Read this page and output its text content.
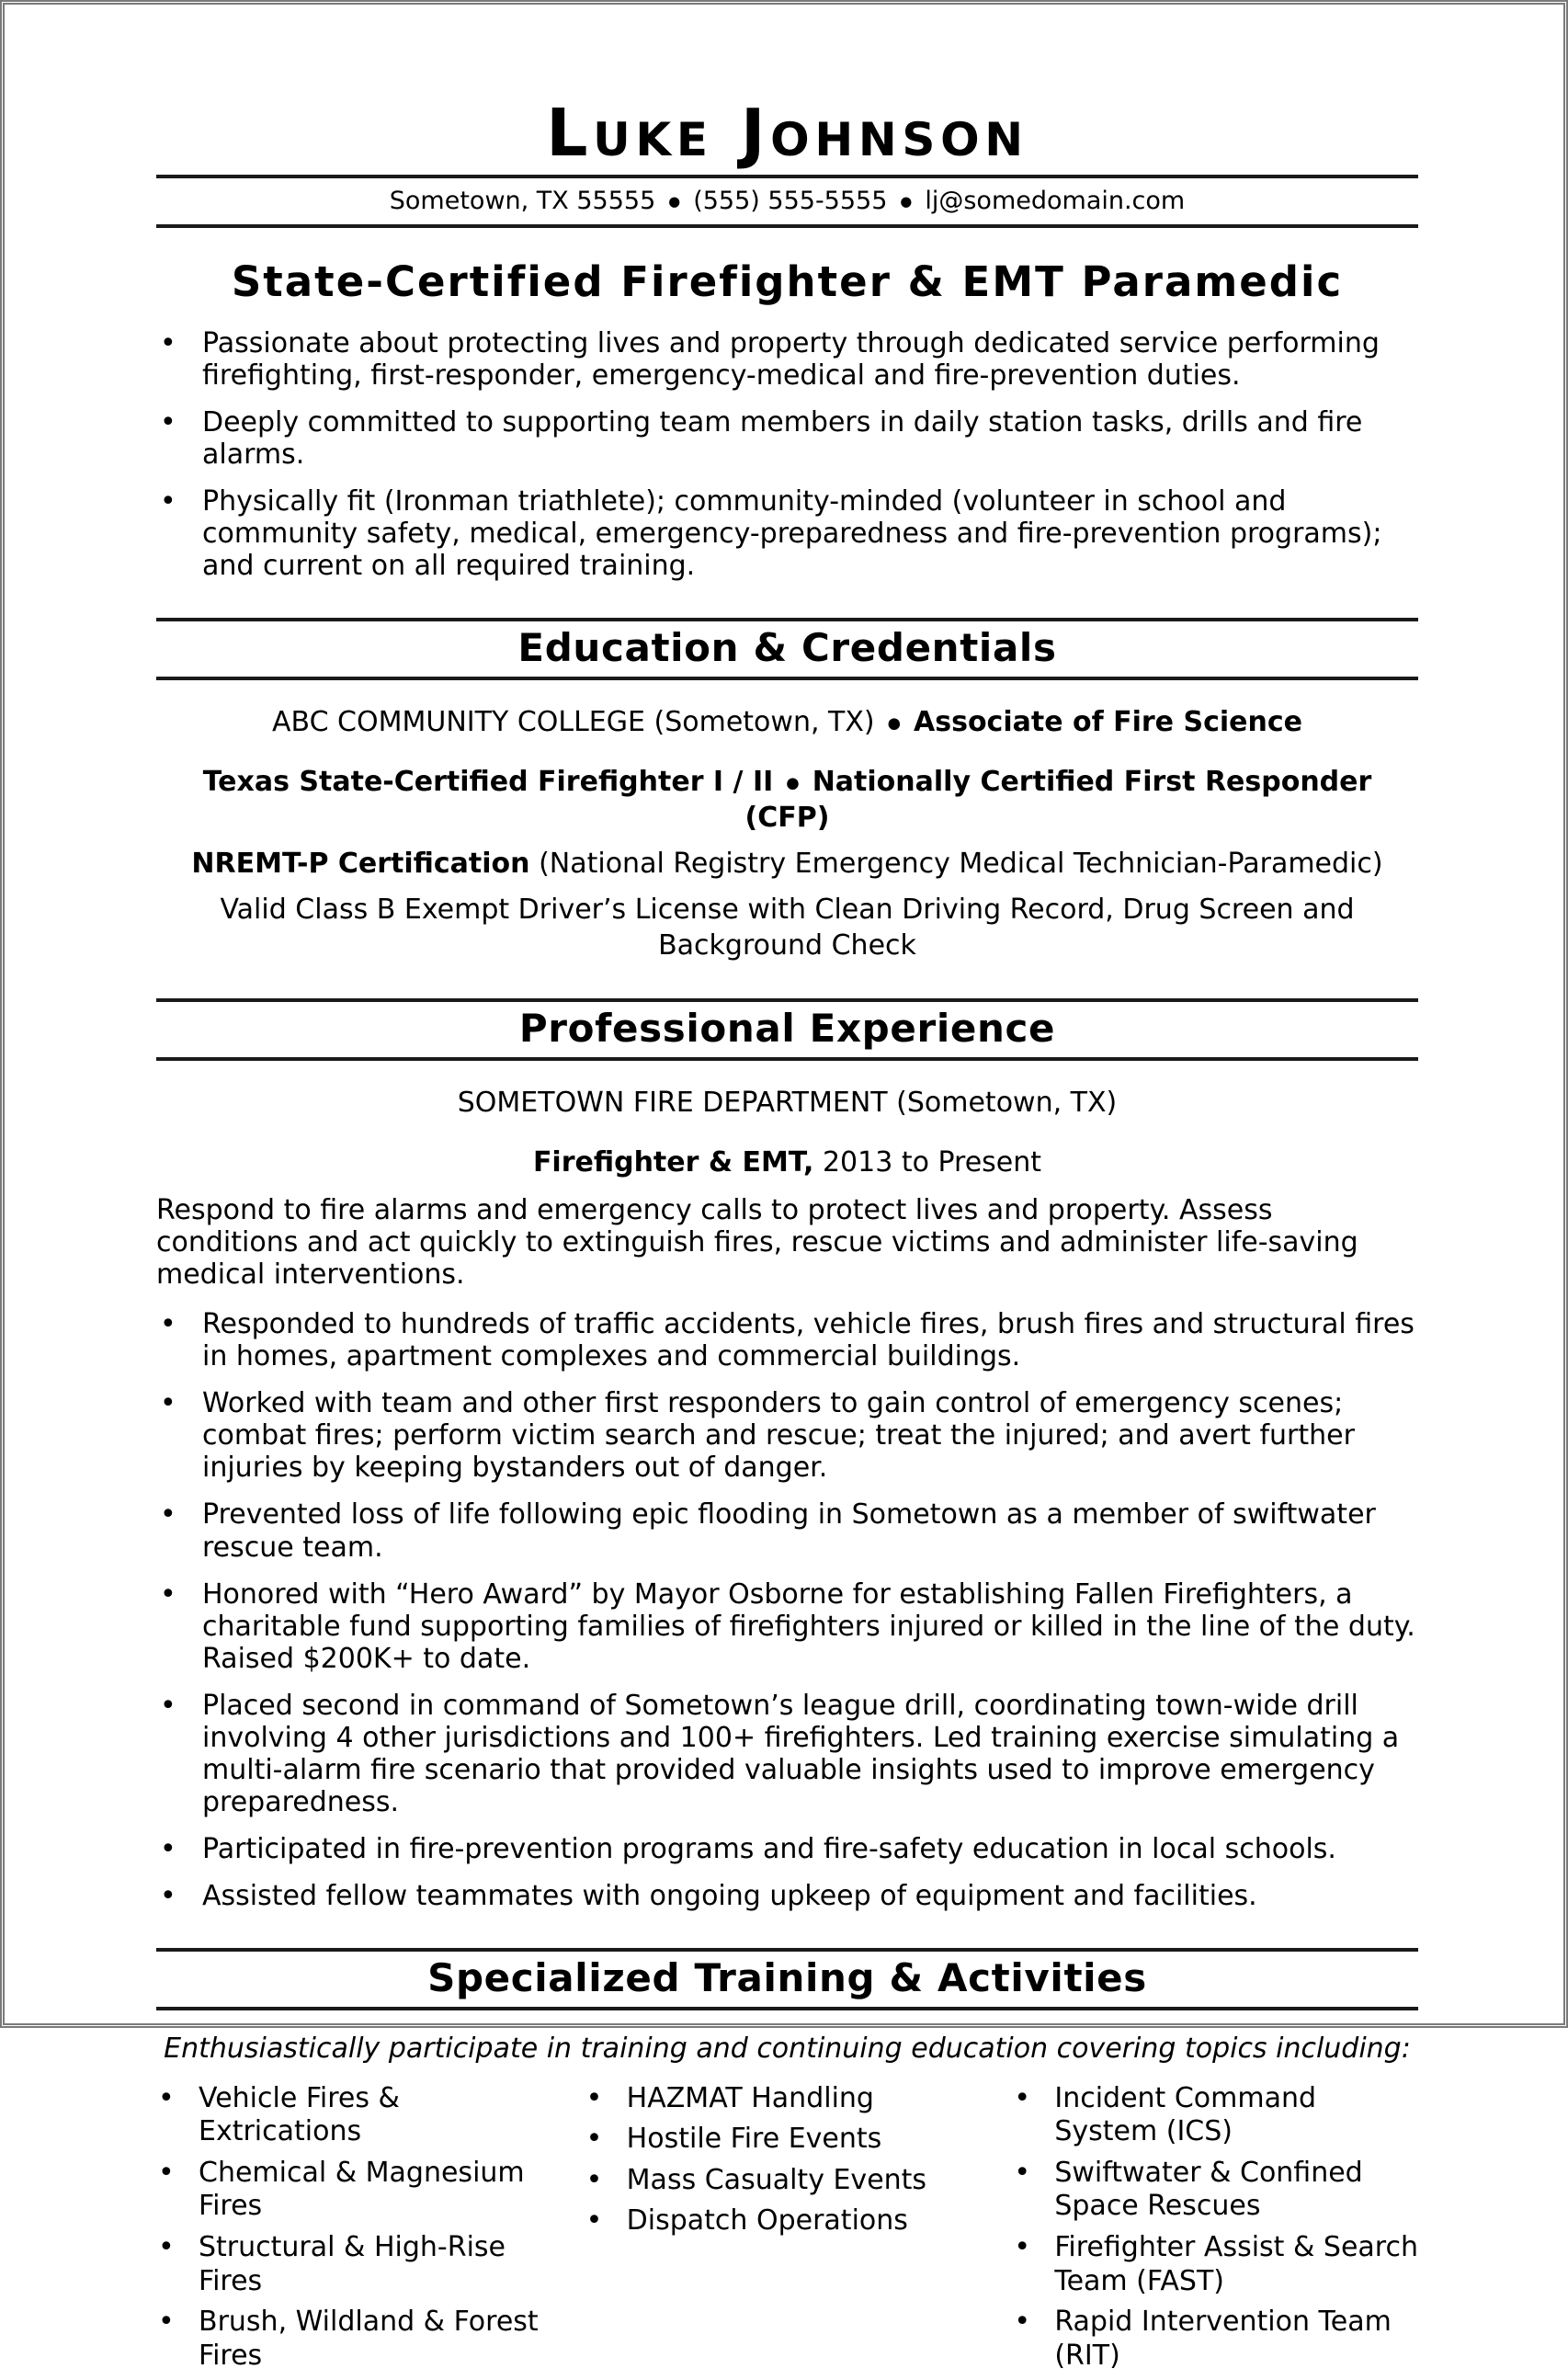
Luke Johnson
Sometown, TX 55555 ● (555) 555-5555 ● lj@somedomain.com
State-Certified Firefighter & EMT Paramedic
• Passionate about protecting lives and property through dedicated service performing firefighting, first-responder, emergency-medical and fire-prevention duties.
• Deeply committed to supporting team members in daily station tasks, drills and fire alarms.
• Physically fit (Ironman triathlete); community-minded (volunteer in school and community safety, medical, emergency-preparedness and fire-prevention programs); and current on all required training.
Education & Credentials

ABC COMMUNITY COLLEGE (Sometown, TX) ● Associate of Fire Science

Texas State-Certified Firefighter I / II ● Nationally Certified First Responder (CFP)

NREMT-P Certification (National Registry Emergency Medical Technician-Paramedic)

Valid Class B Exempt Driver’s License with Clean Driving Record, Drug Screen and Background Check

Professional Experience

SOMETOWN FIRE DEPARTMENT (Sometown, TX)

Firefighter & EMT, 2013 to Present

Respond to fire alarms and emergency calls to protect lives and property. Assess conditions and act quickly to extinguish fires, rescue victims and administer life-saving medical interventions.

• Responded to hundreds of traffic accidents, vehicle fires, brush fires and structural fires in homes, apartment complexes and commercial buildings.
• Worked with team and other first responders to gain control of emergency scenes; combat fires; perform victim search and rescue; treat the injured; and avert further injuries by keeping bystanders out of danger.
• Prevented loss of life following epic flooding in Sometown as a member of swiftwater rescue team.
• Honored with “Hero Award” by Mayor Osborne for establishing Fallen Firefighters, a charitable fund supporting families of firefighters injured or killed in the line of the duty. Raised $200K+ to date.
• Placed second in command of Sometown’s league drill, coordinating town-wide drill involving 4 other jurisdictions and 100+ firefighters. Led training exercise simulating a multi-alarm fire scenario that provided valuable insights used to improve emergency preparedness.
• Participated in fire-prevention programs and fire-safety education in local schools.
• Assisted fellow teammates with ongoing upkeep of equipment and facilities.
Specialized Training & Activities

Enthusiastically participate in training and continuing education covering topics including:

• Vehicle Fires & Extrications
• Chemical & Magnesium Fires
• Structural & High-Rise Fires
• Brush, Wildland & Forest Fires
• HAZMAT Handling
• Hostile Fire Events
• Mass Casualty Events
• Dispatch Operations
• Incident Command System (ICS)
• Swiftwater & Confined Space Rescues
• Firefighter Assist & Search Team (FAST)
• Rapid Intervention Team (RIT)
